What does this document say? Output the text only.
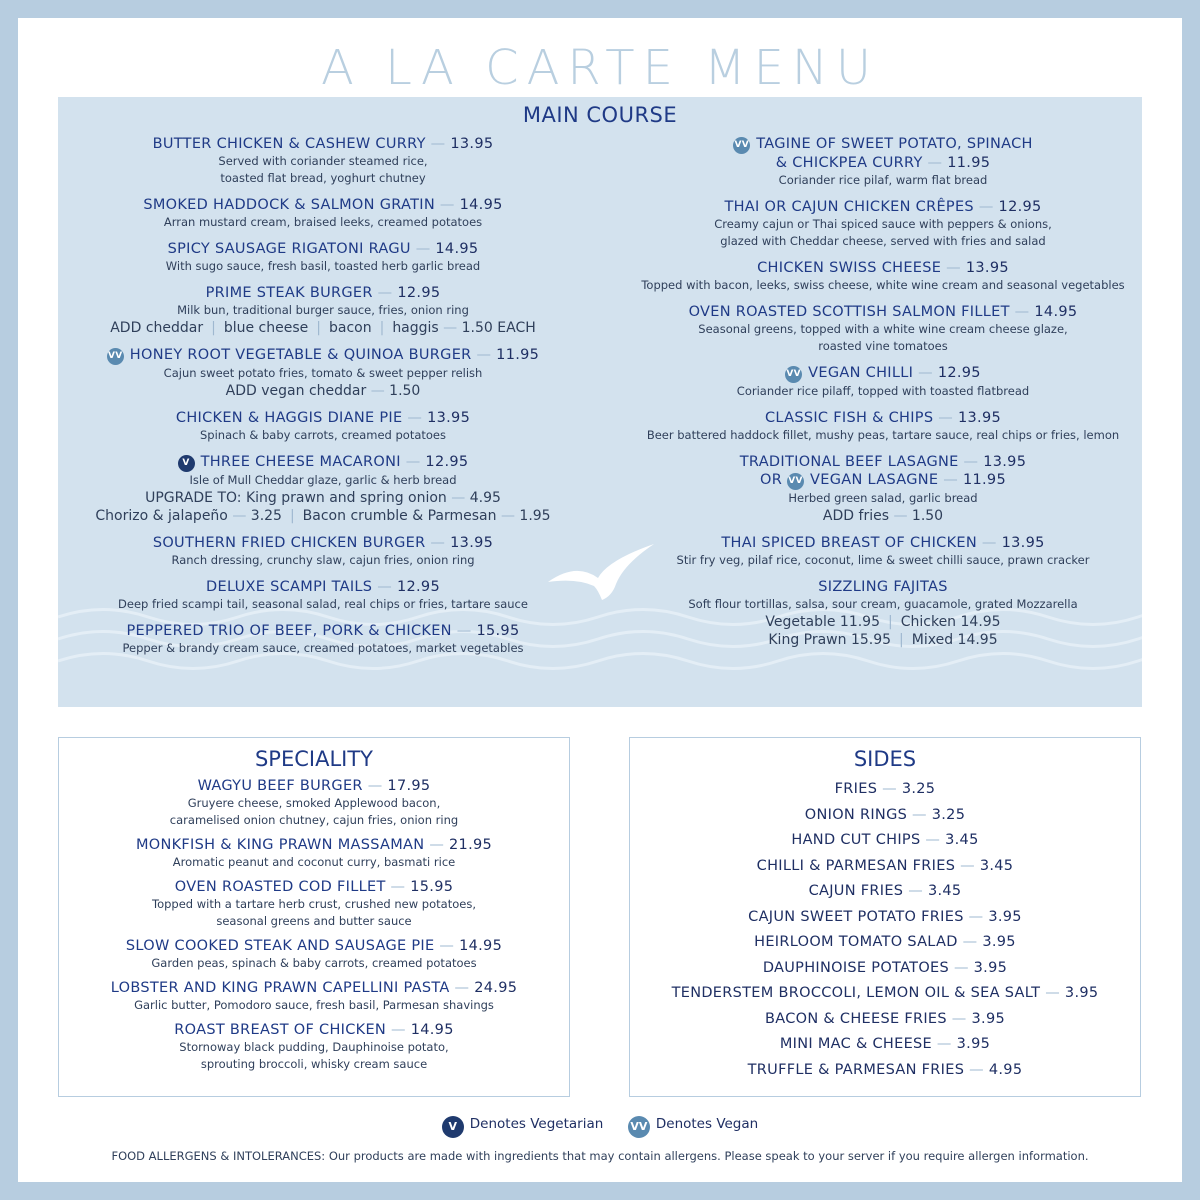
A LA CARTE MENU
MAIN COURSE
BUTTER CHICKEN & CASHEW CURRY — 13.95
Served with coriander steamed rice,
toasted flat bread, yoghurt chutney
SMOKED HADDOCK & SALMON GRATIN — 14.95
Arran mustard cream, braised leeks, creamed potatoes
SPICY SAUSAGE RIGATONI RAGU — 14.95
With sugo sauce, fresh basil, toasted herb garlic bread
PRIME STEAK BURGER — 12.95
Milk bun, traditional burger sauce, fries, onion ring
ADD cheddar | blue cheese | bacon | haggis — 1.50 EACH
VV HONEY ROOT VEGETABLE & QUINOA BURGER — 11.95
Cajun sweet potato fries, tomato & sweet pepper relish
ADD vegan cheddar — 1.50
CHICKEN & HAGGIS DIANE PIE — 13.95
Spinach & baby carrots, creamed potatoes
V THREE CHEESE MACARONI — 12.95
Isle of Mull Cheddar glaze, garlic & herb bread
UPGRADE TO: King prawn and spring onion — 4.95
Chorizo & jalapeño — 3.25 | Bacon crumble & Parmesan — 1.95
SOUTHERN FRIED CHICKEN BURGER — 13.95
Ranch dressing, crunchy slaw, cajun fries, onion ring
DELUXE SCAMPI TAILS — 12.95
Deep fried scampi tail, seasonal salad, real chips or fries, tartare sauce
PEPPERED TRIO OF BEEF, PORK & CHICKEN — 15.95
Pepper & brandy cream sauce, creamed potatoes, market vegetables
VV TAGINE OF SWEET POTATO, SPINACH
& CHICKPEA CURRY — 11.95
Coriander rice pilaf, warm flat bread
THAI OR CAJUN CHICKEN CRÊPES — 12.95
Creamy cajun or Thai spiced sauce with peppers & onions,
glazed with Cheddar cheese, served with fries and salad
CHICKEN SWISS CHEESE — 13.95
Topped with bacon, leeks, swiss cheese, white wine cream and seasonal vegetables
OVEN ROASTED SCOTTISH SALMON FILLET — 14.95
Seasonal greens, topped with a white wine cream cheese glaze,
roasted vine tomatoes
VV VEGAN CHILLI — 12.95
Coriander rice pilaff, topped with toasted flatbread
CLASSIC FISH & CHIPS — 13.95
Beer battered haddock fillet, mushy peas, tartare sauce, real chips or fries, lemon
TRADITIONAL BEEF LASAGNE — 13.95
OR VV VEGAN LASAGNE — 11.95
Herbed green salad, garlic bread
ADD fries — 1.50
THAI SPICED BREAST OF CHICKEN — 13.95
Stir fry veg, pilaf rice, coconut, lime & sweet chilli sauce, prawn cracker
SIZZLING FAJITAS
Soft flour tortillas, salsa, sour cream, guacamole, grated Mozzarella
Vegetable 11.95 | Chicken 14.95
King Prawn 15.95 | Mixed 14.95
SPECIALITY
WAGYU BEEF BURGER — 17.95
Gruyere cheese, smoked Applewood bacon,
caramelised onion chutney, cajun fries, onion ring
MONKFISH & KING PRAWN MASSAMAN — 21.95
Aromatic peanut and coconut curry, basmati rice
OVEN ROASTED COD FILLET — 15.95
Topped with a tartare herb crust, crushed new potatoes,
seasonal greens and butter sauce
SLOW COOKED STEAK AND SAUSAGE PIE — 14.95
Garden peas, spinach & baby carrots, creamed potatoes
LOBSTER AND KING PRAWN CAPELLINI PASTA — 24.95
Garlic butter, Pomodoro sauce, fresh basil, Parmesan shavings
ROAST BREAST OF CHICKEN — 14.95
Stornoway black pudding, Dauphinoise potato,
sprouting broccoli, whisky cream sauce
SIDES
FRIES — 3.25
ONION RINGS — 3.25
HAND CUT CHIPS — 3.45
CHILLI & PARMESAN FRIES — 3.45
CAJUN FRIES — 3.45
CAJUN SWEET POTATO FRIES — 3.95
HEIRLOOM TOMATO SALAD — 3.95
DAUPHINOISE POTATOES — 3.95
TENDERSTEM BROCCOLI, LEMON OIL & SEA SALT — 3.95
BACON & CHEESE FRIES — 3.95
MINI MAC & CHEESE — 3.95
TRUFFLE & PARMESAN FRIES — 4.95
V Denotes Vegetarian VV Denotes Vegan
FOOD ALLERGENS & INTOLERANCES: Our products are made with ingredients that may contain allergens. Please speak to your server if you require allergen information.
